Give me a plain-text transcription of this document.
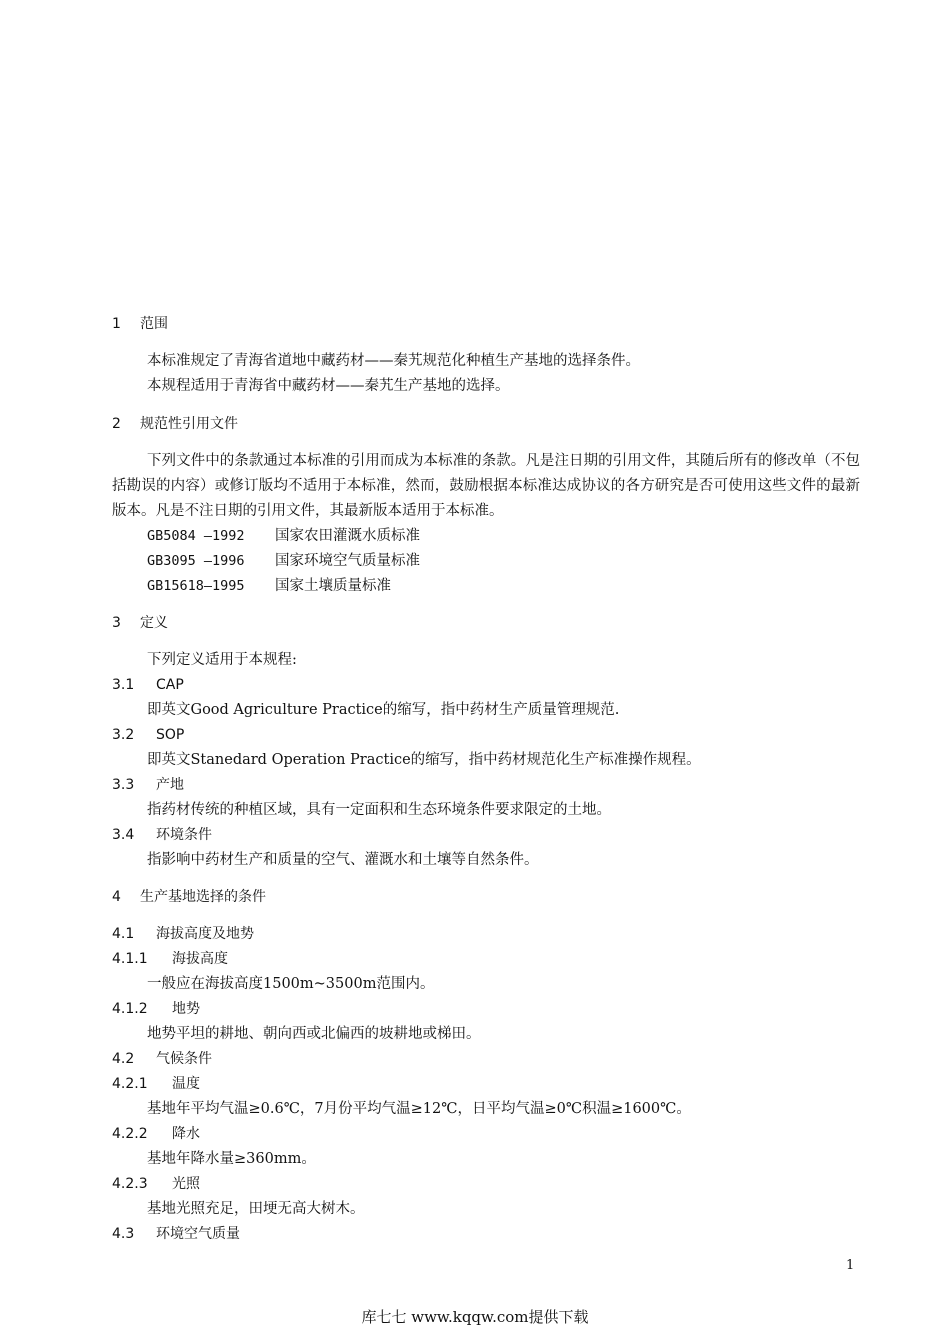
1 范围
本标准规定了青海省道地中藏药材——秦艽规范化种植生产基地的选择条件。
本规程适用于青海省中藏药材——秦艽生产基地的选择。
2 规范性引用文件
下列文件中的条款通过本标准的引用而成为本标准的条款。凡是注日期的引用文件，其随后所有的修改单（不包括勘误的内容）或修订版均不适用于本标准，然而，鼓励根据本标准达成协议的各方研究是否可使用这些文件的最新版本。凡是不注日期的引用文件，其最新版本适用于本标准。
GB5084 —1992 国家农田灌溉水质标准
GB3095 —1996 国家环境空气质量标准
GB15618—1995 国家土壤质量标准
3 定义
下列定义适用于本规程:
3.1 CAP
即英文Good Agriculture Practice的缩写，指中药材生产质量管理规范.
3.2 SOP
即英文Stanedard Operation Practice的缩写，指中药材规范化生产标准操作规程。
3.3 产地
指药材传统的种植区域，具有一定面积和生态环境条件要求限定的土地。
3.4 环境条件
指影响中药材生产和质量的空气、灌溉水和土壤等自然条件。
4 生产基地选择的条件
4.1 海拔高度及地势
4.1.1 海拔高度
一般应在海拔高度1500m~3500m范围内。
4.1.2 地势
地势平坦的耕地、朝向西或北偏西的坡耕地或梯田。
4.2 气候条件
4.2.1 温度
基地年平均气温≥0.6℃，7月份平均气温≥12℃，日平均气温≥0℃积温≥1600℃。
4.2.2 降水
基地年降水量≥360mm。
4.2.3 光照
基地光照充足，田埂无高大树木。
4.3 环境空气质量
1
库七七 www.kqqw.com提供下载
